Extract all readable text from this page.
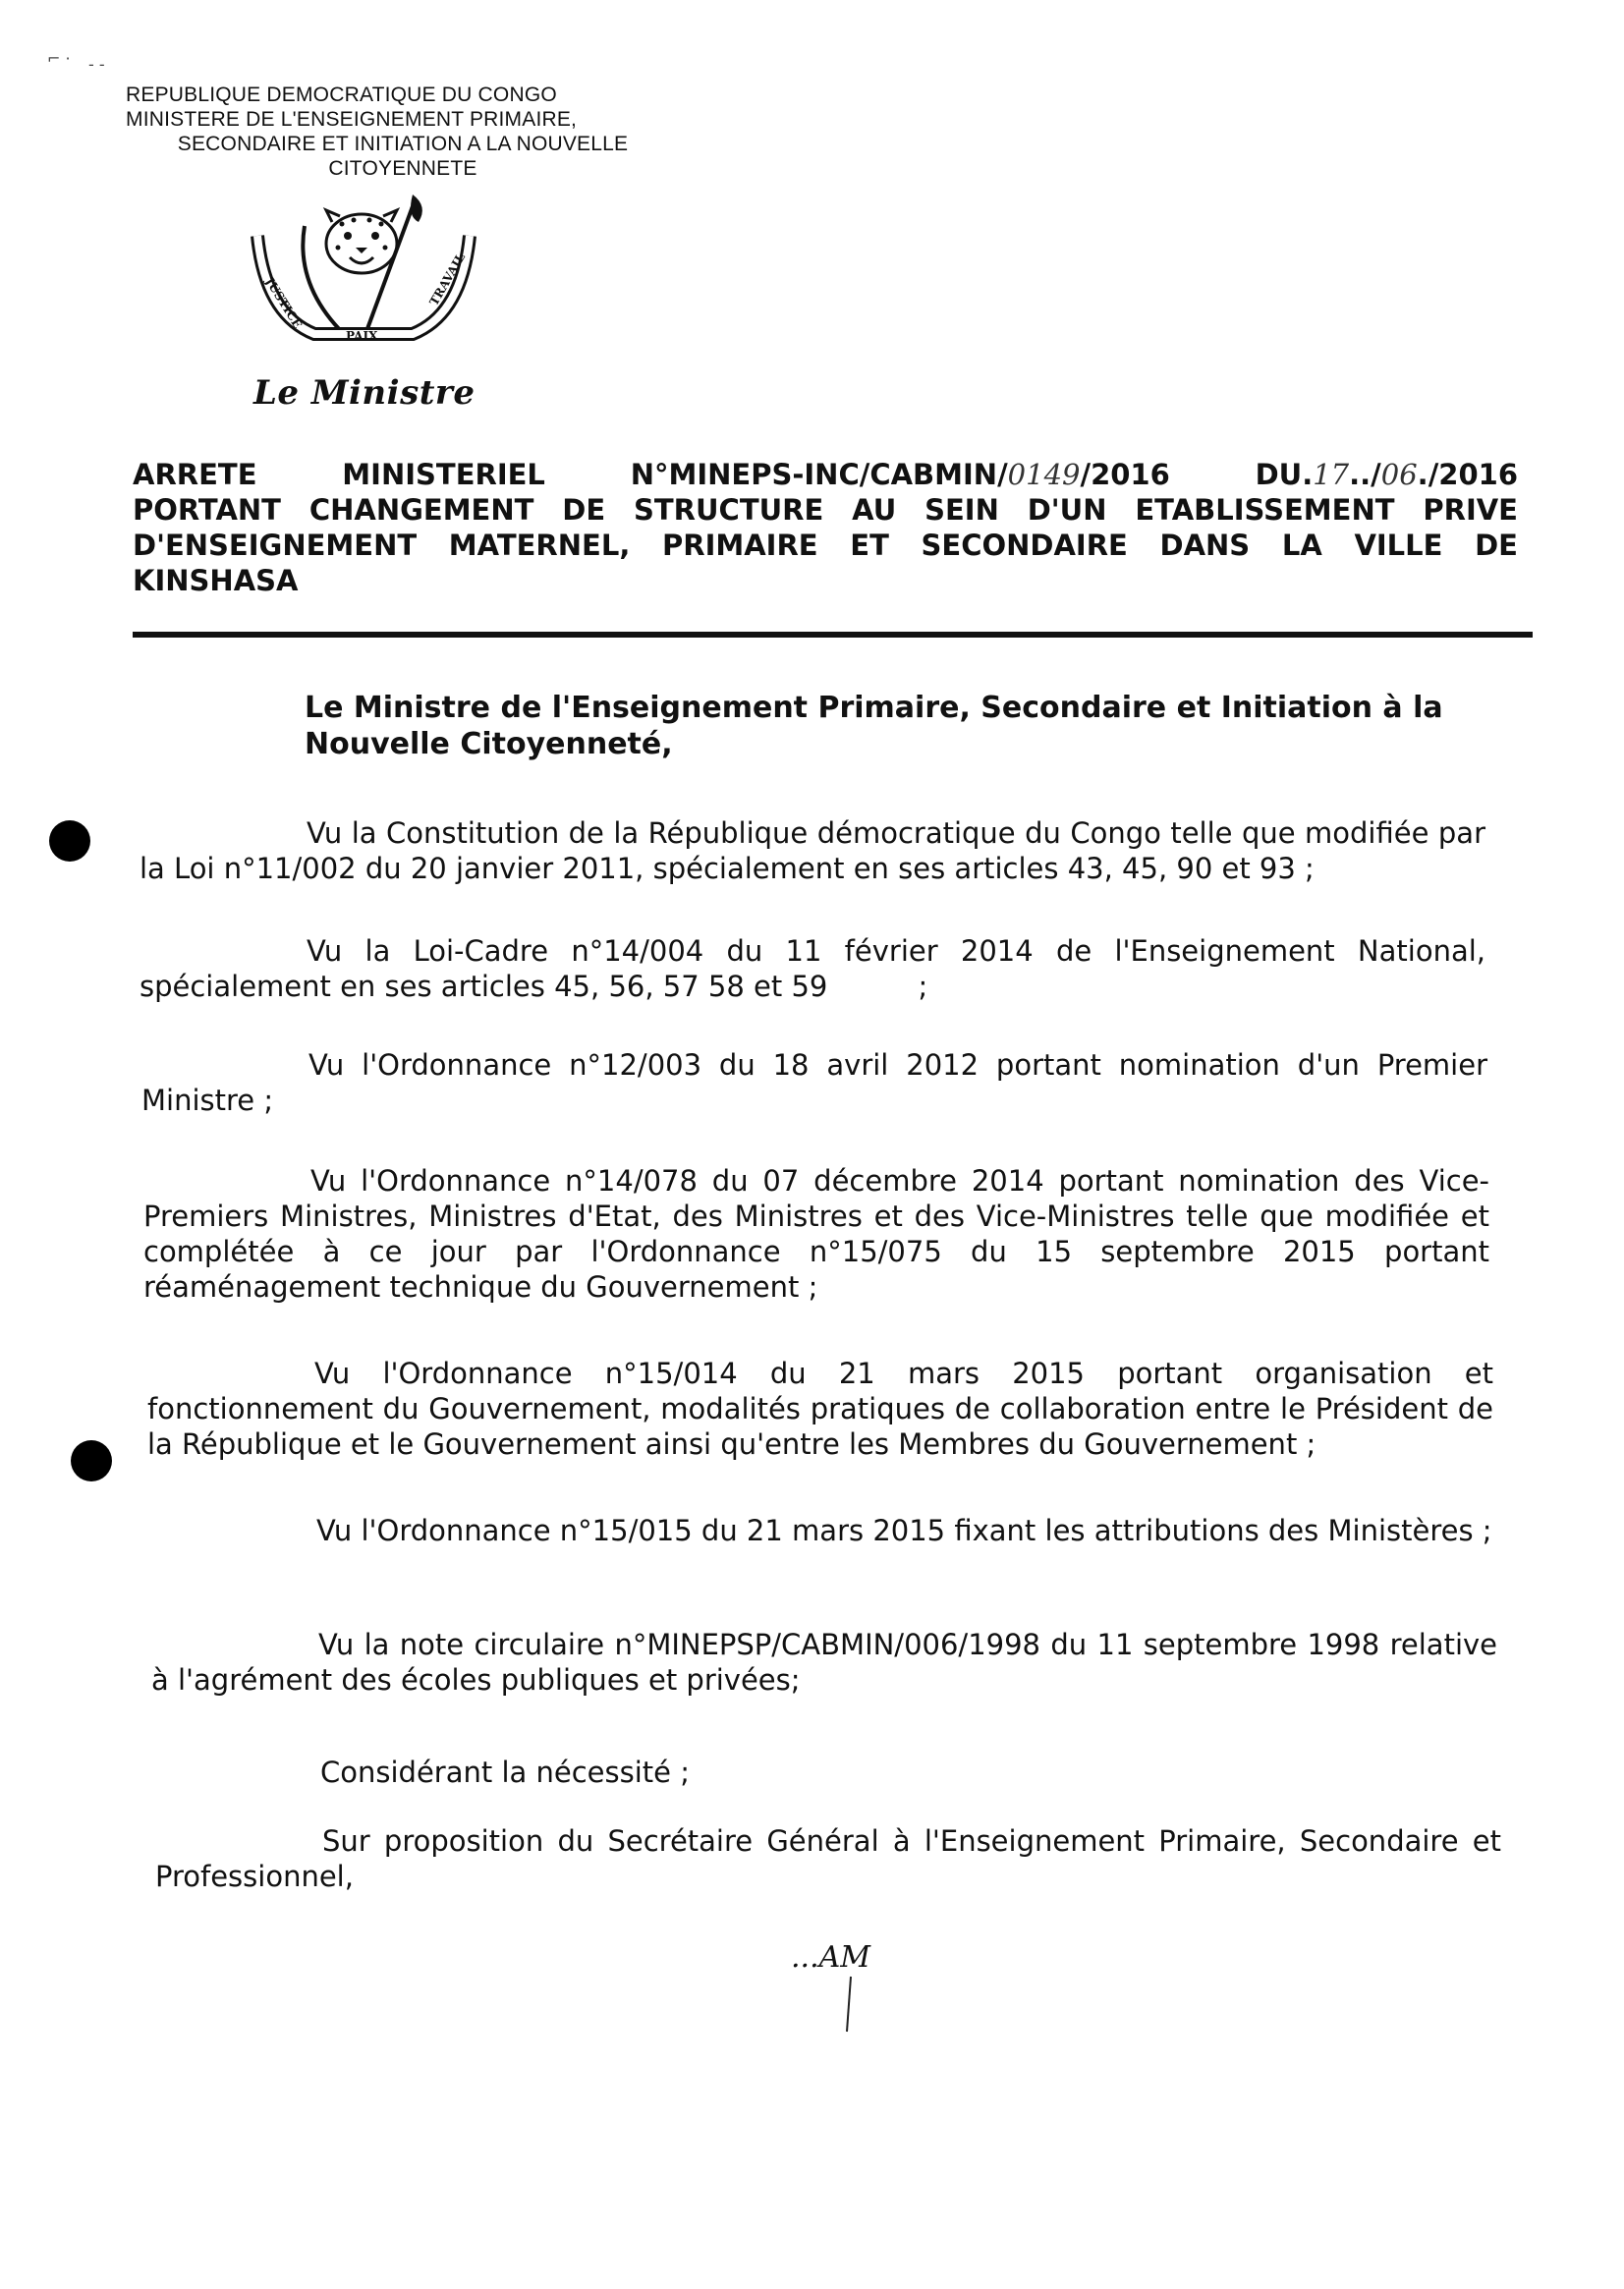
⌐ · - -
REPUBLIQUE DEMOCRATIQUE DU CONGO
MINISTERE DE L'ENSEIGNEMENT PRIMAIRE,
SECONDAIRE ET INITIATION A LA NOUVELLE
CITOYENNETE
JUSTICE
PAIX
TRAVAIL
Le Ministre
ARRETE MINISTERIEL N°MINEPS-INC/CABMIN/0149/2016 DU.17../06./2016
PORTANT CHANGEMENT DE STRUCTURE AU SEIN D'UN ETABLISSEMENT PRIVE
D'ENSEIGNEMENT MATERNEL, PRIMAIRE ET SECONDAIRE DANS LA VILLE DE
KINSHASA
Le Ministre de l'Enseignement Primaire, Secondaire et Initiation à la Nouvelle Citoyenneté,
Vu la Constitution de la République démocratique du Congo telle que modifiée par la Loi n°11/002 du 20 janvier 2011, spécialement en ses articles 43, 45, 90 et 93 ;
Vu la Loi-Cadre n°14/004 du 11 février 2014 de l'Enseignement National, spécialement en ses articles 45, 56, 57 58 et 59          ;
Vu l'Ordonnance n°12/003 du 18 avril 2012 portant nomination d'un Premier Ministre ;
Vu l'Ordonnance n°14/078 du 07 décembre 2014 portant nomination des Vice- Premiers Ministres, Ministres d'Etat, des Ministres et des Vice-Ministres telle que modifiée et complétée à ce jour par l'Ordonnance n°15/075 du 15 septembre 2015 portant réaménagement technique du Gouvernement ;
Vu l'Ordonnance n°15/014 du 21 mars 2015 portant organisation et fonctionnement du Gouvernement, modalités pratiques de collaboration entre le Président de la République et le Gouvernement ainsi qu'entre les Membres du Gouvernement ;
Vu l'Ordonnance n°15/015 du 21 mars 2015 fixant les attributions des Ministères ;
Vu la note circulaire n°MINEPSP/CABMIN/006/1998 du 11 septembre 1998 relative à l'agrément des écoles publiques et privées;
Considérant la nécessité ;
Sur proposition du Secrétaire Général à l'Enseignement Primaire, Secondaire et Professionnel,
...AM
